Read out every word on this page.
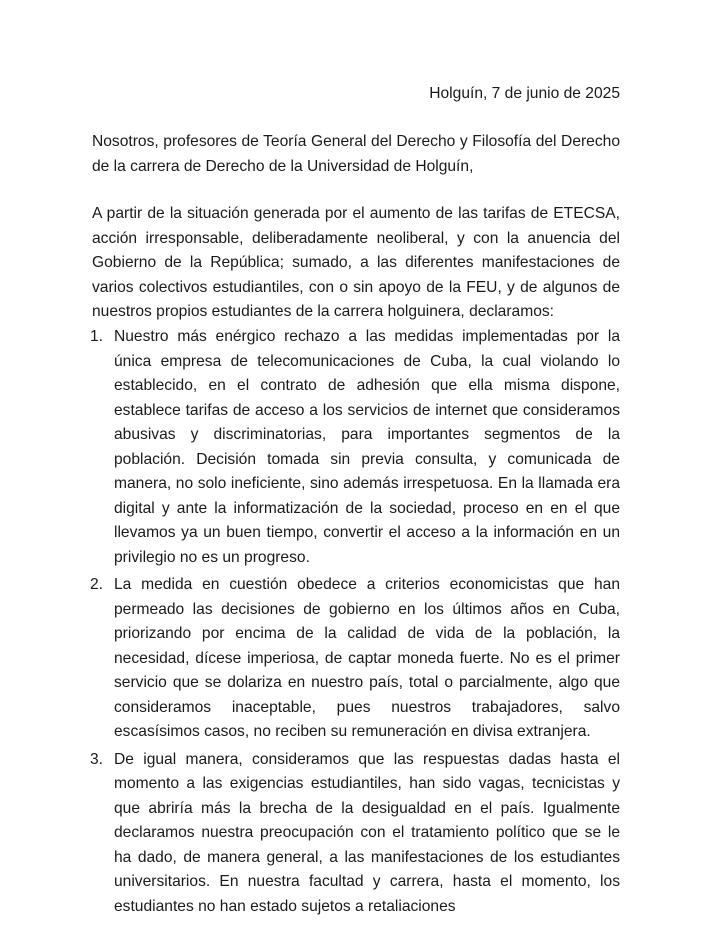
Holguín, 7 de junio de 2025

Nosotros, profesores de Teoría General del Derecho y Filosofía del Derecho de la carrera de Derecho de la Universidad de Holguín,

A partir de la situación generada por el aumento de las tarifas de ETECSA, acción irresponsable, deliberadamente neoliberal, y con la anuencia del Gobierno de la República; sumado, a las diferentes manifestaciones de varios colectivos estudiantiles, con o sin apoyo de la FEU, y de algunos de nuestros propios estudiantes de la carrera holguinera, declaramos:

1. Nuestro más enérgico rechazo a las medidas implementadas por la única empresa de telecomunicaciones de Cuba, la cual violando lo establecido, en el contrato de adhesión que ella misma dispone, establece tarifas de acceso a los servicios de internet que consideramos abusivas y discriminatorias, para importantes segmentos de la población. Decisión tomada sin previa consulta, y comunicada de manera, no solo ineficiente, sino además irrespetuosa. En la llamada era digital y ante la informatización de la sociedad, proceso en en el que llevamos ya un buen tiempo, convertir el acceso a la información en un privilegio no es un progreso.
2. La medida en cuestión obedece a criterios economicistas que han permeado las decisiones de gobierno en los últimos años en Cuba, priorizando por encima de la calidad de vida de la población, la necesidad, dícese imperiosa, de captar moneda fuerte. No es el primer servicio que se dolariza en nuestro país, total o parcialmente, algo que consideramos inaceptable, pues nuestros trabajadores, salvo escasísimos casos, no reciben su remuneración en divisa extranjera.
3. De igual manera, consideramos que las respuestas dadas hasta el momento a las exigencias estudiantiles, han sido vagas, tecnicistas y que abriría más la brecha de la desigualdad en el país. Igualmente declaramos nuestra preocupación con el tratamiento político que se le ha dado, de manera general, a las manifestaciones de los estudiantes universitarios. En nuestra facultad y carrera, hasta el momento, los estudiantes no han estado sujetos a retaliaciones
